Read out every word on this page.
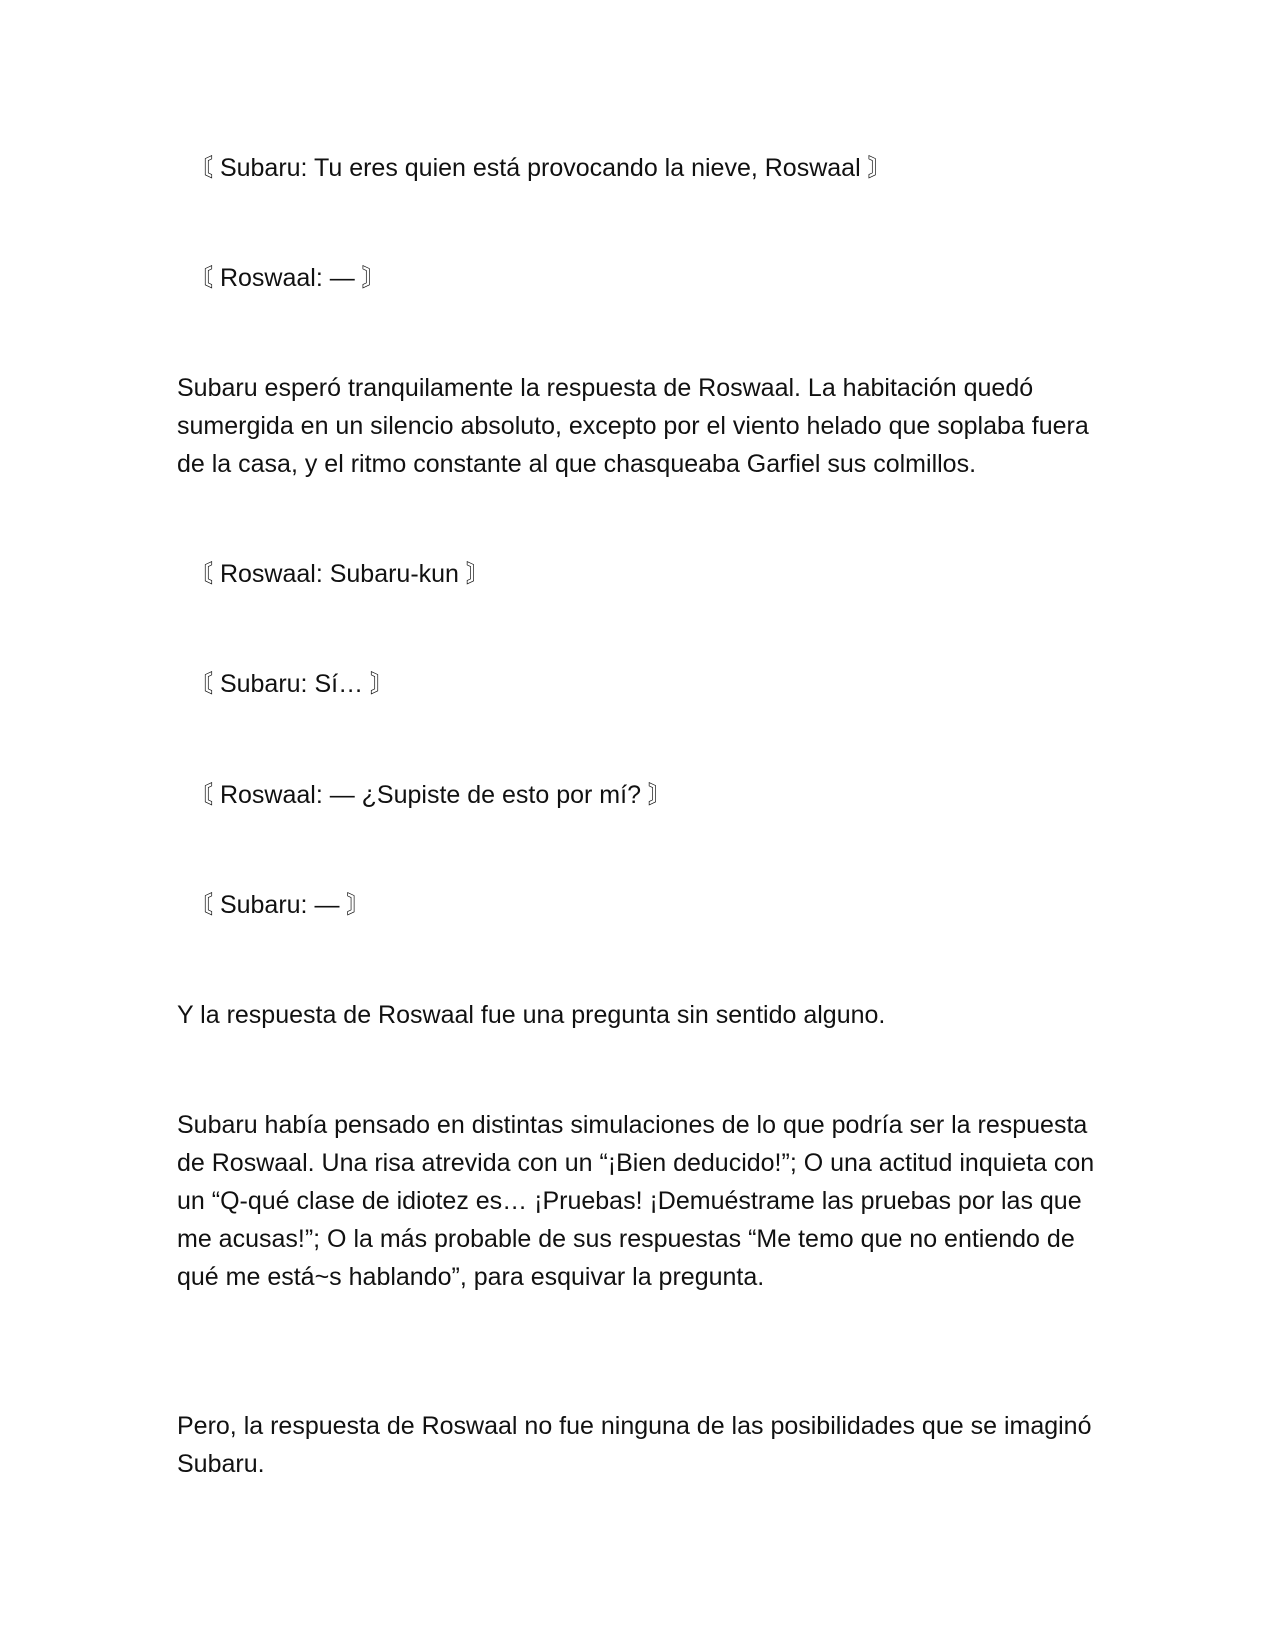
〘 Subaru: Tu eres quien está provocando la nieve, Roswaal 〙

〘 Roswaal: — 〙

Subaru esperó tranquilamente la respuesta de Roswaal. La habitación quedó sumergida en un silencio absoluto, excepto por el viento helado que soplaba fuera de la casa, y el ritmo constante al que chasqueaba Garfiel sus colmillos.

〘 Roswaal: Subaru-kun 〙

〘 Subaru: Sí… 〙

〘 Roswaal: — ¿Supiste de esto por mí? 〙

〘 Subaru: — 〙

Y la respuesta de Roswaal fue una pregunta sin sentido alguno.

Subaru había pensado en distintas simulaciones de lo que podría ser la respuesta de Roswaal. Una risa atrevida con un “¡Bien deducido!”; O una actitud inquieta con un “Q-qué clase de idiotez es… ¡Pruebas! ¡Demuéstrame las pruebas por las que me acusas!”; O la más probable de sus respuestas “Me temo que no entiendo de qué me está~s hablando”, para esquivar la pregunta.

Pero, la respuesta de Roswaal no fue ninguna de las posibilidades que se imaginó Subaru.
